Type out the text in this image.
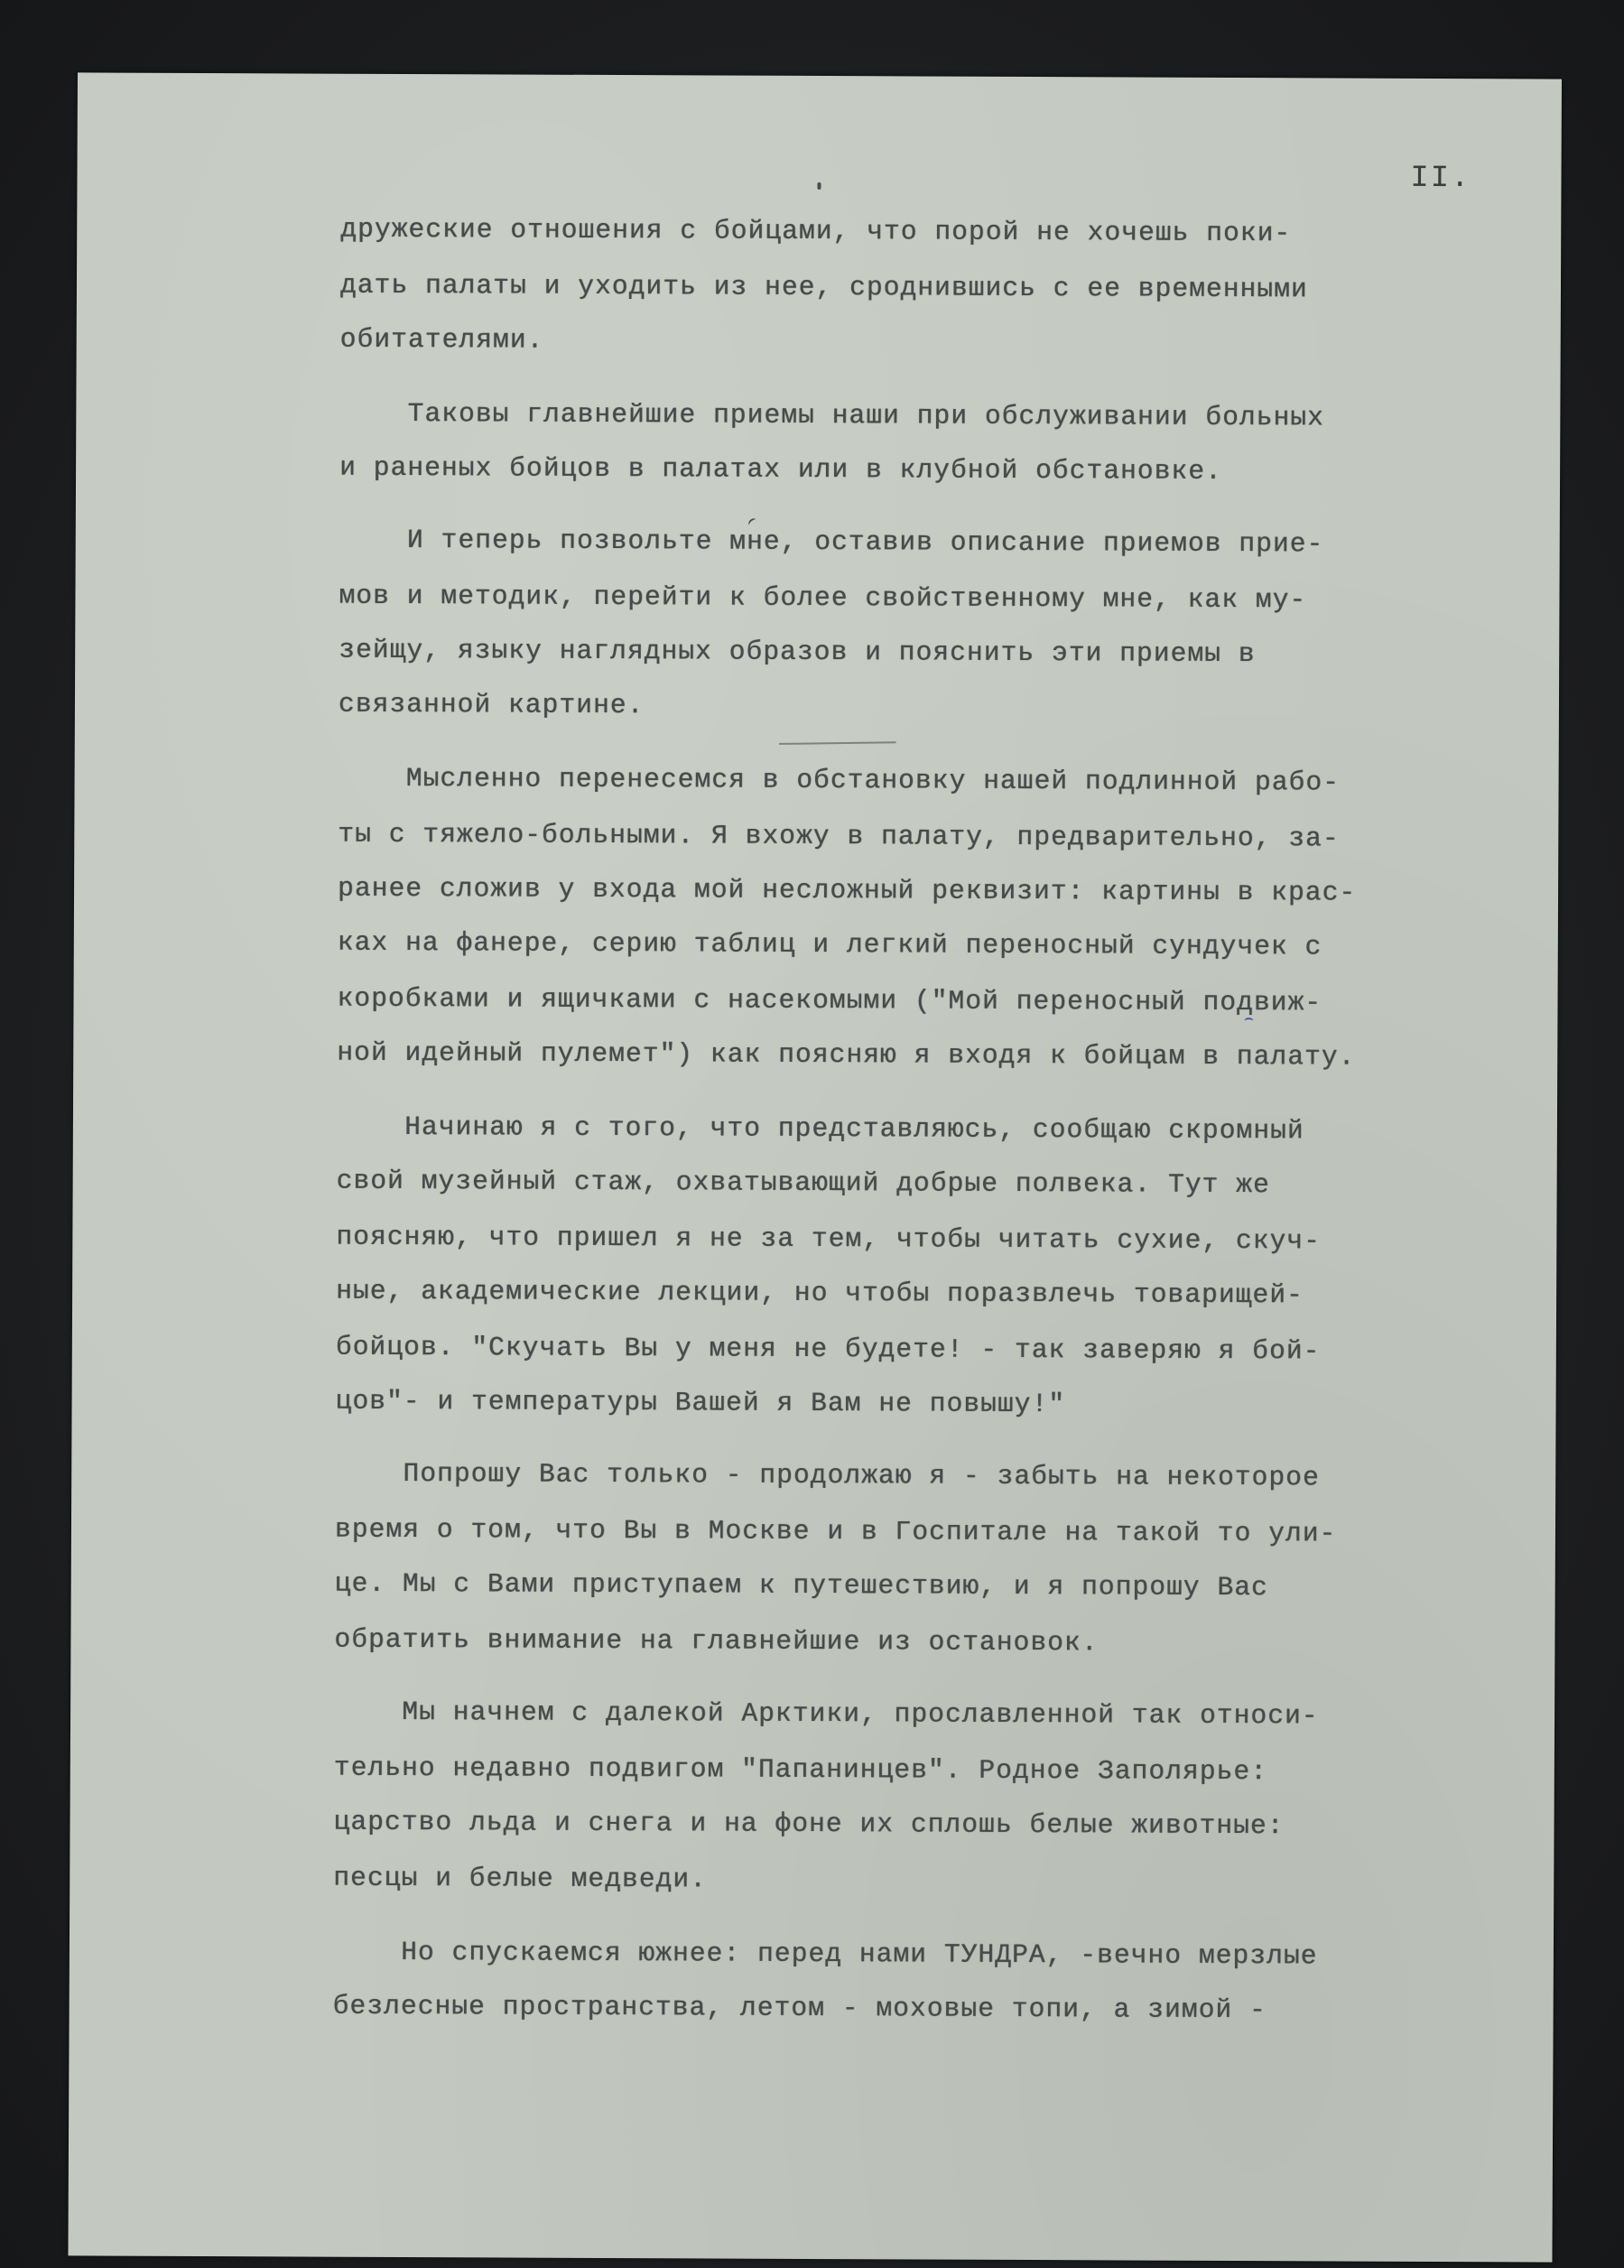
II.
дружеские отношения с бойцами, что порой не хочешь поки-
дать палаты и уходить из нее, сроднившись с ее временными
обитателями.
Таковы главнейшие приемы наши при обслуживании больных
и раненых бойцов в палатах или в клубной обстановке.
И теперь позвольте мне, оставив описание приемов прие-
мов и методик, перейти к более свойственному мне, как му-
зейщу, языку наглядных образов и пояснить эти приемы в
связанной картине.
Мысленно перенесемся в обстановку нашей подлинной рабо-
ты с тяжело-больными. Я вхожу в палату, предварительно, за-
ранее сложив у входа мой несложный реквизит: картины в крас-
ках на фанере, серию таблиц и легкий переносный сундучек с
коробками и ящичками с насекомыми ("Мой переносный подвиж-
ной идейный пулемет") как поясняю я входя к бойцам в палату.
Начинаю я с того, что представляюсь, сообщаю скромный
свой музейный стаж, охватывающий добрые полвека. Тут же
поясняю, что пришел я не за тем, чтобы читать сухие, скуч-
ные, академические лекции, но чтобы поразвлечь товарищей-
бойцов. "Скучать Вы у меня не будете! - так заверяю я бой-
цов"- и температуры Вашей я Вам не повышу!"
Попрошу Вас только - продолжаю я - забыть на некоторое
время о том, что Вы в Москве и в Госпитале на такой то ули-
це. Мы с Вами приступаем к путешествию, и я попрошу Вас
обратить внимание на главнейшие из остановок.
Мы начнем с далекой Арктики, прославленной так относи-
тельно недавно подвигом "Папанинцев". Родное Заполярье:
царство льда и снега и на фоне их сплошь белые животные:
песцы и белые медведи.
Но спускаемся южнее: перед нами ТУНДРА, -вечно мерзлые
безлесные пространства, летом - моховые топи, а зимой -
